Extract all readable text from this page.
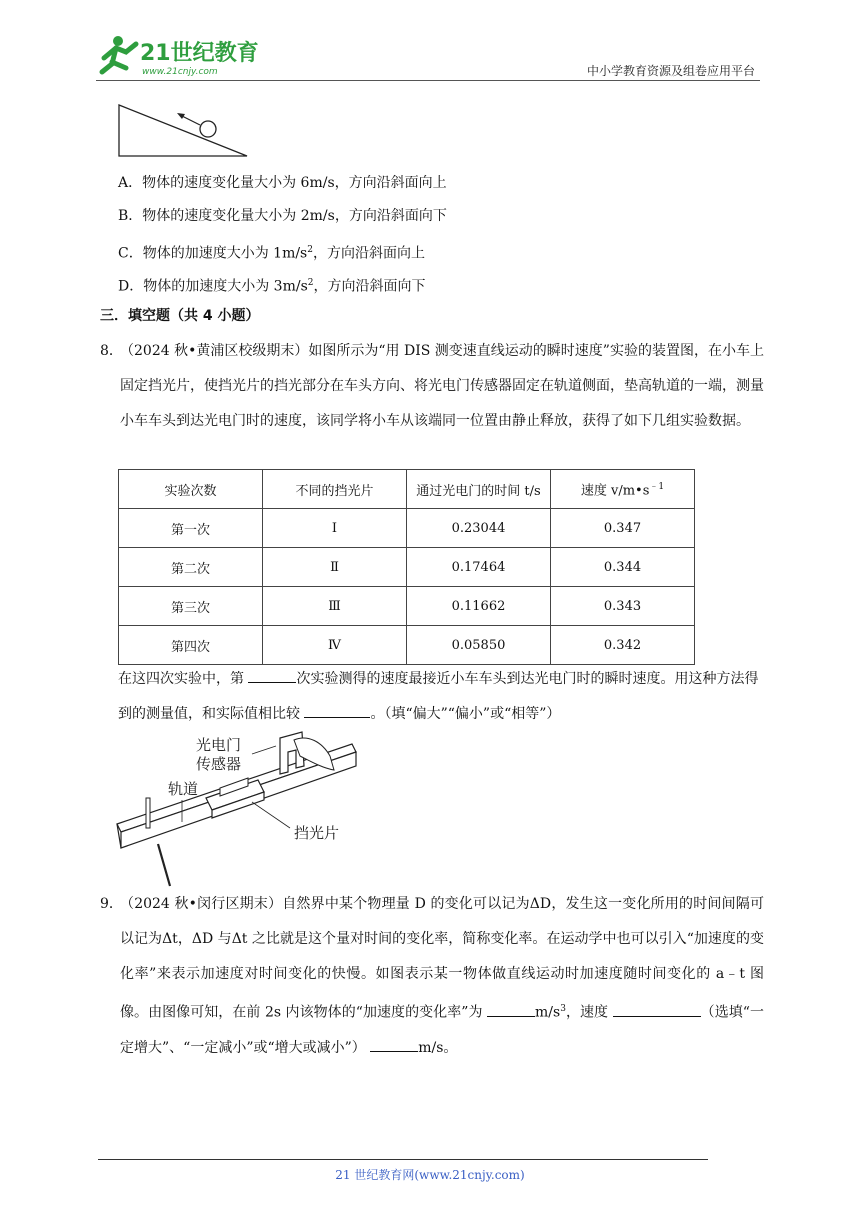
21世纪教育
www.21cnjy.com	中小学教育资源及组卷应用平台
A．物体的速度变化量大小为 6m/s，方向沿斜面向上
B．物体的速度变化量大小为 2m/s，方向沿斜面向下
C．物体的加速度大小为 $1m/s^2$，方向沿斜面向上
D．物体的加速度大小为 $3m/s^2$，方向沿斜面向下
三．填空题（共 4 小题）
8．
（2024 秋•黄浦区校级期末）如图所示为“用 DIS 测变速直线运动的瞬时速度”实验的装置图，在小车上固定挡光片，使挡光片的挡光部分在车头方向、将光电门传感器固定在轨道侧面，垫高轨道的一端，测量小车车头到达光电门时的速度，该同学将小车从该端同一位置由静止释放，获得了如下几组实验数据。
实验次数	不同的挡光片	通过光电门的时间 t/s	速度 $v/m•s^{﹣1}$
第一次	Ⅰ	0.23044	0.347
第二次	Ⅱ	0.17464	0.344
第三次	Ⅲ	0.11662	0.343
第四次	Ⅳ	0.05850	0.342
在这四次实验中，第	次实验测得的速度最接近小车车头到达光电门时的瞬时速度。用这种方法得到的测量值，和实际值相比较	。（填“偏大”“偏小”或“相等”）
光电门
传感器
轨道
挡光片
9．
（2024 秋•闵行区期末）自然界中某个物理量 D 的变化可以记为ΔD，发生这一变化所用的时间间隔可以记为Δt，ΔD 与Δt 之比就是这个量对时间的变化率，简称变化率。在运动学中也可以引入“加速度的变化率”来表示加速度对时间变化的快慢。如图表示某一物体做直线运动时加速度随时间变化的 a﹣t 图像。由图像可知，在前 2s 内该物体的“加速度的变化率”为	$m/s^3$，速度	（选填“一定增大”、“一定减小”或“增大或减小”）	m/s。
21 世纪教育网(www.21cnjy.com)
